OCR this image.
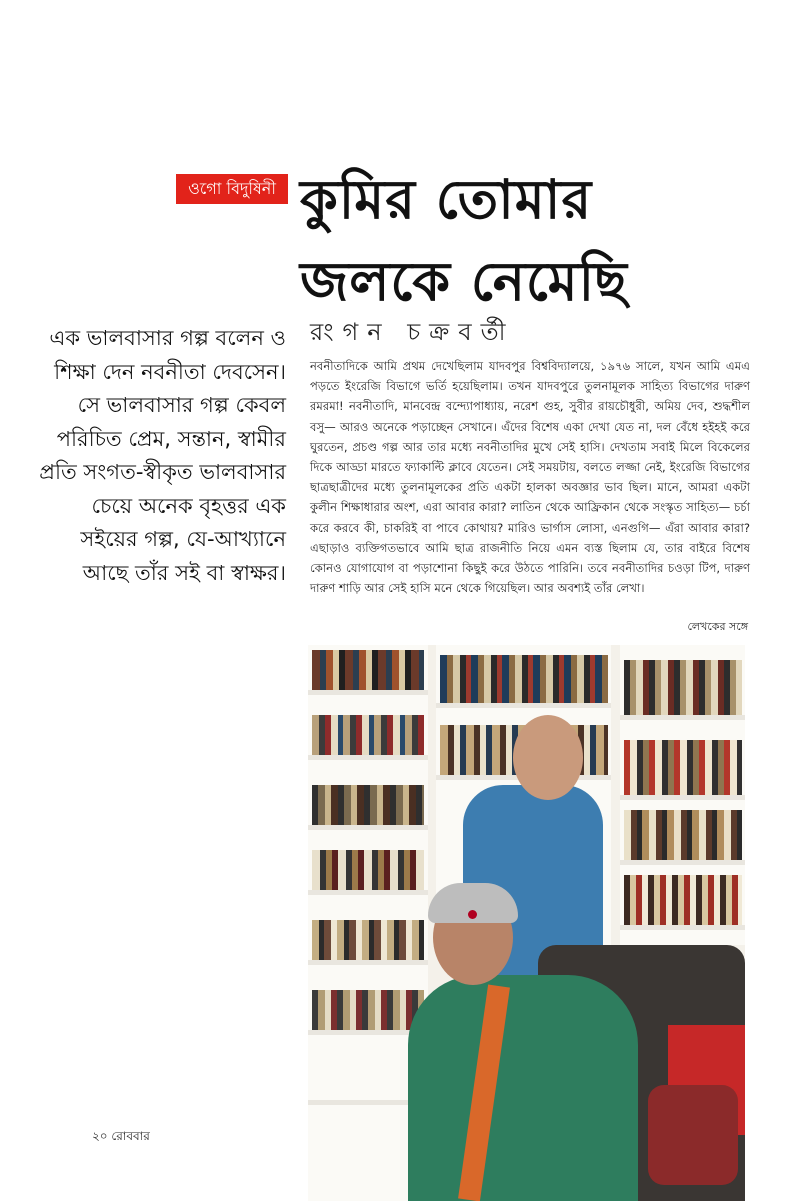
ওগো বিদুষিনী কুমির তোমার
জলকে নেমেছি
রংগন চক্রবর্তী
এক ভালবাসার গল্প বলেন ও শিক্ষা দেন নবনীতা দেবসেন। সে ভালবাসার গল্প কেবল পরিচিত প্রেম, সন্তান, স্বামীর প্রতি সংগত-স্বীকৃত ভালবাসার চেয়ে অনেক বৃহত্তর এক সইয়ের গল্প, যে-আখ্যানে আছে তাঁর সই বা স্বাক্ষর।
নবনীতাদিকে আমি প্রথম দেখেছিলাম যাদবপুর বিশ্ববিদ্যালয়ে, ১৯৭৬ সালে, যখন আমি এমএ পড়তে ইংরেজি বিভাগে ভর্তি হয়েছিলাম। তখন যাদবপুরে তুলনামূলক সাহিত্য বিভাগের দারুণ রমরমা! নবনীতাদি, মানবেন্দ্র বন্দ্যোপাধ্যায়, নরেশ গুহ, সুবীর রায়চৌধুরী, অমিয় দেব, শুদ্ধশীল বসু— আরও অনেকে পড়াচ্ছেন সেখানে। এঁদের বিশেষ একা দেখা যেত না, দল বেঁধে হইহই করে ঘুরতেন, প্রচণ্ড গল্প আর তার মধ্যে নবনীতাদির মুখে সেই হাসি। দেখতাম সবাই মিলে বিকেলের দিকে আড্ডা মারতে ফ্যাকাল্টি ক্লাবে যেতেন। সেই সময়টায়, বলতে লজ্জা নেই, ইংরেজি বিভাগের ছাত্রছাত্রীদের মধ্যে তুলনামূলকের প্রতি একটা হালকা অবজ্ঞার ভাব ছিল। মানে, আমরা একটা কুলীন শিক্ষাধারার অংশ, এরা আবার কারা? লাতিন থেকে আফ্রিকান থেকে সংস্কৃত সাহিত্য— চর্চা করে করবে কী, চাকরিই বা পাবে কোথায়? মারিও ভার্গাস লোসা, এনগুগি— এঁরা আবার কারা? এছাড়াও ব্যক্তিগতভাবে আমি ছাত্র রাজনীতি নিয়ে এমন ব্যস্ত ছিলাম যে, তার বাইরে বিশেষ কোনও যোগাযোগ বা পড়াশোনা কিছুই করে উঠতে পারিনি। তবে নবনীতাদির চওড়া টিপ, দারুণ দারুণ শাড়ি আর সেই হাসি মনে থেকে গিয়েছিল। আর অবশ্যই তাঁর লেখা।
লেখকের সঙ্গে
২০ রোববার
